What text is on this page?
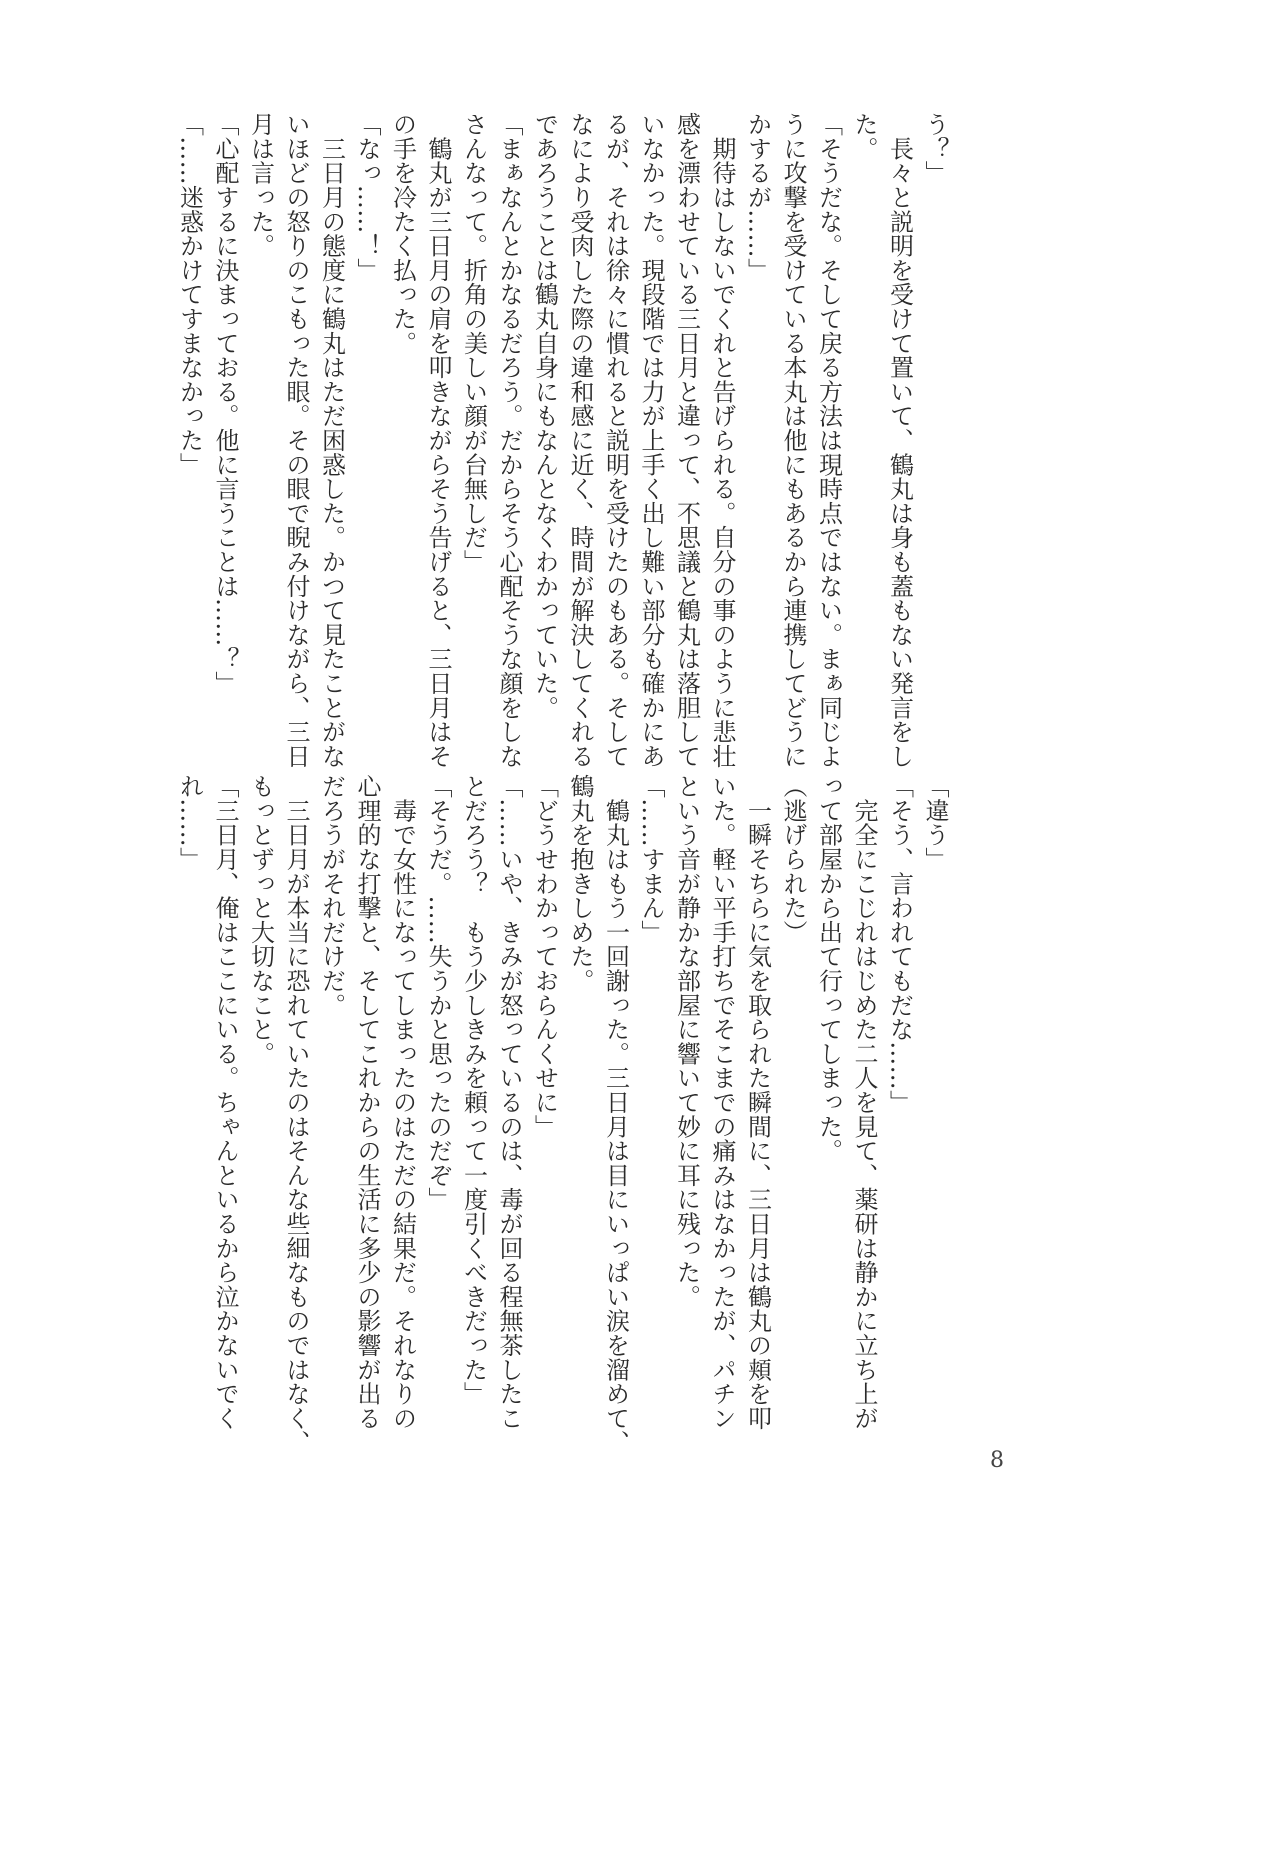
う？」
　長々と説明を受けて置いて、鶴丸は身も蓋もない発言をし
た。
「そうだな。そして戻る方法は現時点ではない。まぁ同じよ
うに攻撃を受けている本丸は他にもあるから連携してどうに
かするが……」
　期待はしないでくれと告げられる。自分の事のように悲壮
感を漂わせている三日月と違って、不思議と鶴丸は落胆して
いなかった。現段階では力が上手く出し難い部分も確かにあ
るが、それは徐々に慣れると説明を受けたのもある。そして
なにより受肉した際の違和感に近く、時間が解決してくれる
であろうことは鶴丸自身にもなんとなくわかっていた。
「まぁなんとかなるだろう。だからそう心配そうな顔をしな
さんなって。折角の美しい顔が台無しだ」
　鶴丸が三日月の肩を叩きながらそう告げると、三日月はそ
の手を冷たく払った。
「なっ……！」
　三日月の態度に鶴丸はただ困惑した。かつて見たことがな
いほどの怒りのこもった眼。その眼で睨み付けながら、三日
月は言った。
「心配するに決まっておる。他に言うことは……？」
「……迷惑かけてすまなかった」
「違う」
「そう、言われてもだな……」
　完全にこじれはじめた二人を見て、薬研は静かに立ち上が
って部屋から出て行ってしまった。
（逃げられた）
　一瞬そちらに気を取られた瞬間に、三日月は鶴丸の頬を叩
いた。軽い平手打ちでそこまでの痛みはなかったが、パチン
という音が静かな部屋に響いて妙に耳に残った。
「……すまん」
　鶴丸はもう一回謝った。三日月は目にいっぱい涙を溜めて、
鶴丸を抱きしめた。
「どうせわかっておらんくせに」
「……いや、きみが怒っているのは、毒が回る程無茶したこ
とだろう？　もう少しきみを頼って一度引くべきだった」
「そうだ。……失うかと思ったのだぞ」
　毒で女性になってしまったのはただの結果だ。それなりの
心理的な打撃と、そしてこれからの生活に多少の影響が出る
だろうがそれだけだ。
　三日月が本当に恐れていたのはそんな些細なものではなく、
もっとずっと大切なこと。
「三日月、俺はここにいる。ちゃんといるから泣かないでく
れ……」
8
